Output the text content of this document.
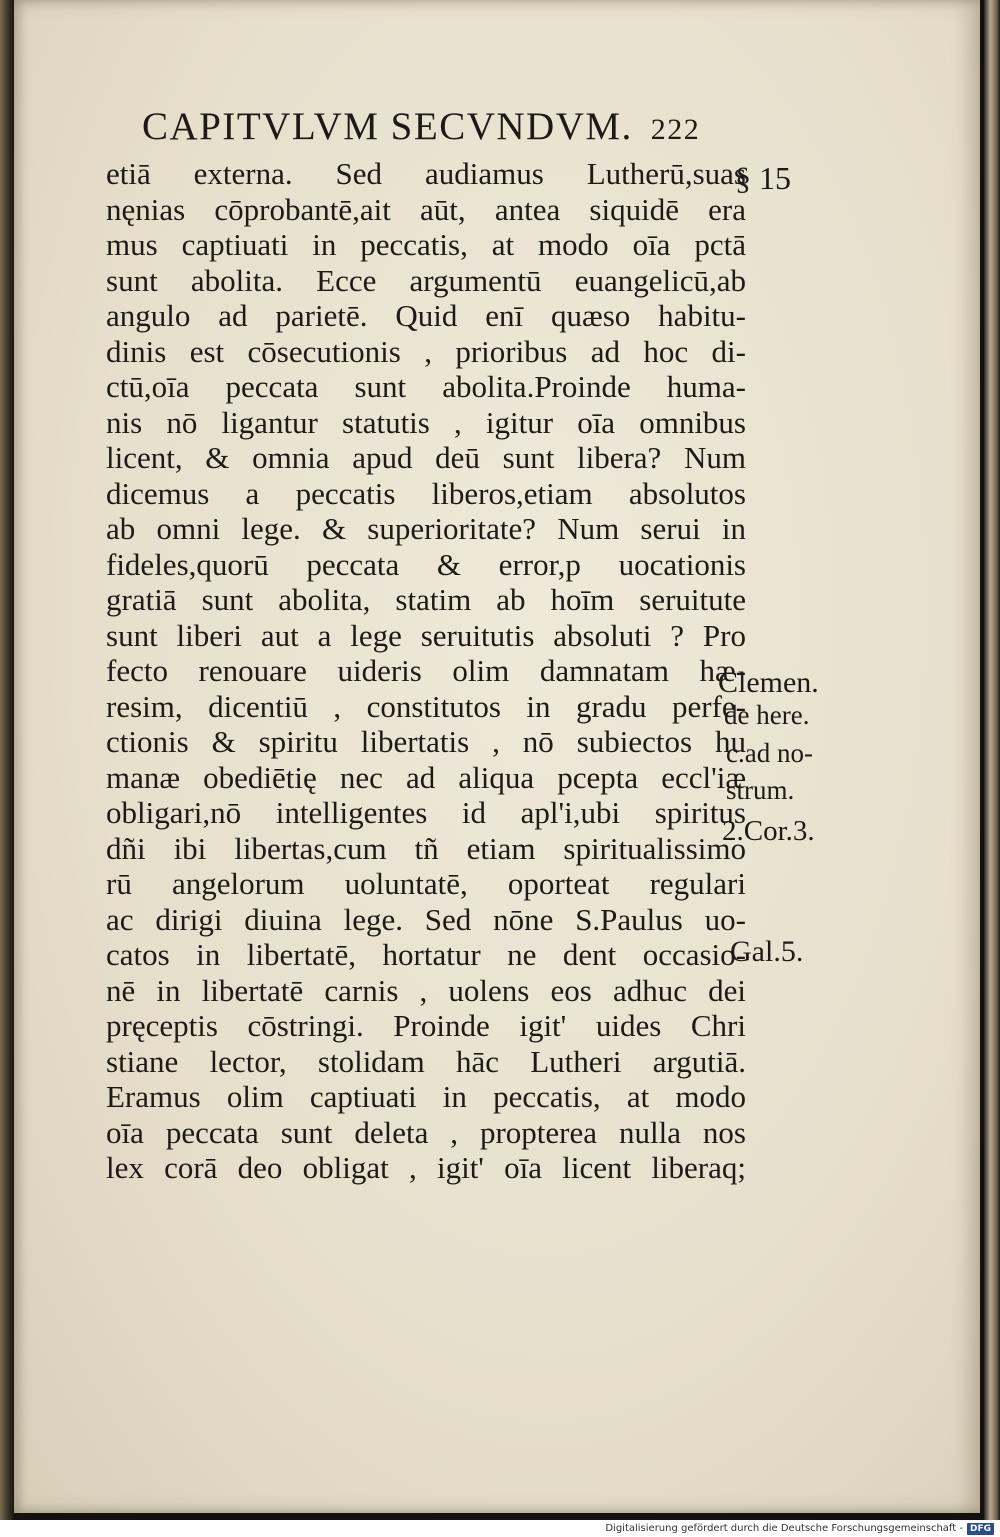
CAPITVLVM SECVNDVM. 222
etiā externa. Sed audiamus Lutherū,suas
nęnias cōprobantē,ait aūt, antea siquidē era
mus captiuati in peccatis, at modo oīa pctā
sunt abolita. Ecce argumentū euangelicū,ab
angulo ad parietē. Quid enī quæso habitu-
dinis est cōsecutionis , prioribus ad hoc di-
ctū,oīa peccata sunt abolita.Proinde huma-
nis nō ligantur statutis , igitur oīa omnibus
licent, & omnia apud deū sunt libera? Num
dicemus a peccatis liberos,etiam absolutos
ab omni lege. & superioritate? Num serui in
fideles,quorū peccata & error,p uocationis
gratiā sunt abolita, statim ab hoīm seruitute
sunt liberi aut a lege seruitutis absoluti ? Pro
fecto renouare uideris olim damnatam hæ-
resim, dicentiū , constitutos in gradu perfe-
ctionis & spiritu libertatis , nō subiectos hu
manæ obediētię nec ad aliqua pcepta eccl'iæ
obligari,nō intelligentes id apl'i,ubi spiritus
dñi ibi libertas,cum tñ etiam spiritualissimo
rū angelorum uoluntatē, oporteat regulari
ac dirigi diuina lege. Sed nōne S.Paulus uo-
catos in libertatē, hortatur ne dent occasio-
nē in libertatē carnis , uolens eos adhuc dei
pręceptis cōstringi. Proinde igit' uides Chri
stiane lector, stolidam hāc Lutheri argutiā.
Eramus olim captiuati in peccatis, at modo
oīa peccata sunt deleta , propterea nulla nos
lex corā deo obligat , igit' oīa licent liberaq;
§ 15
Clemen.
de here.
c.ad no-
strum.
2.Cor.3.
Gal.5.
Digitalisierung gefördert durch die Deutsche Forschungsgemeinschaft - DFG
